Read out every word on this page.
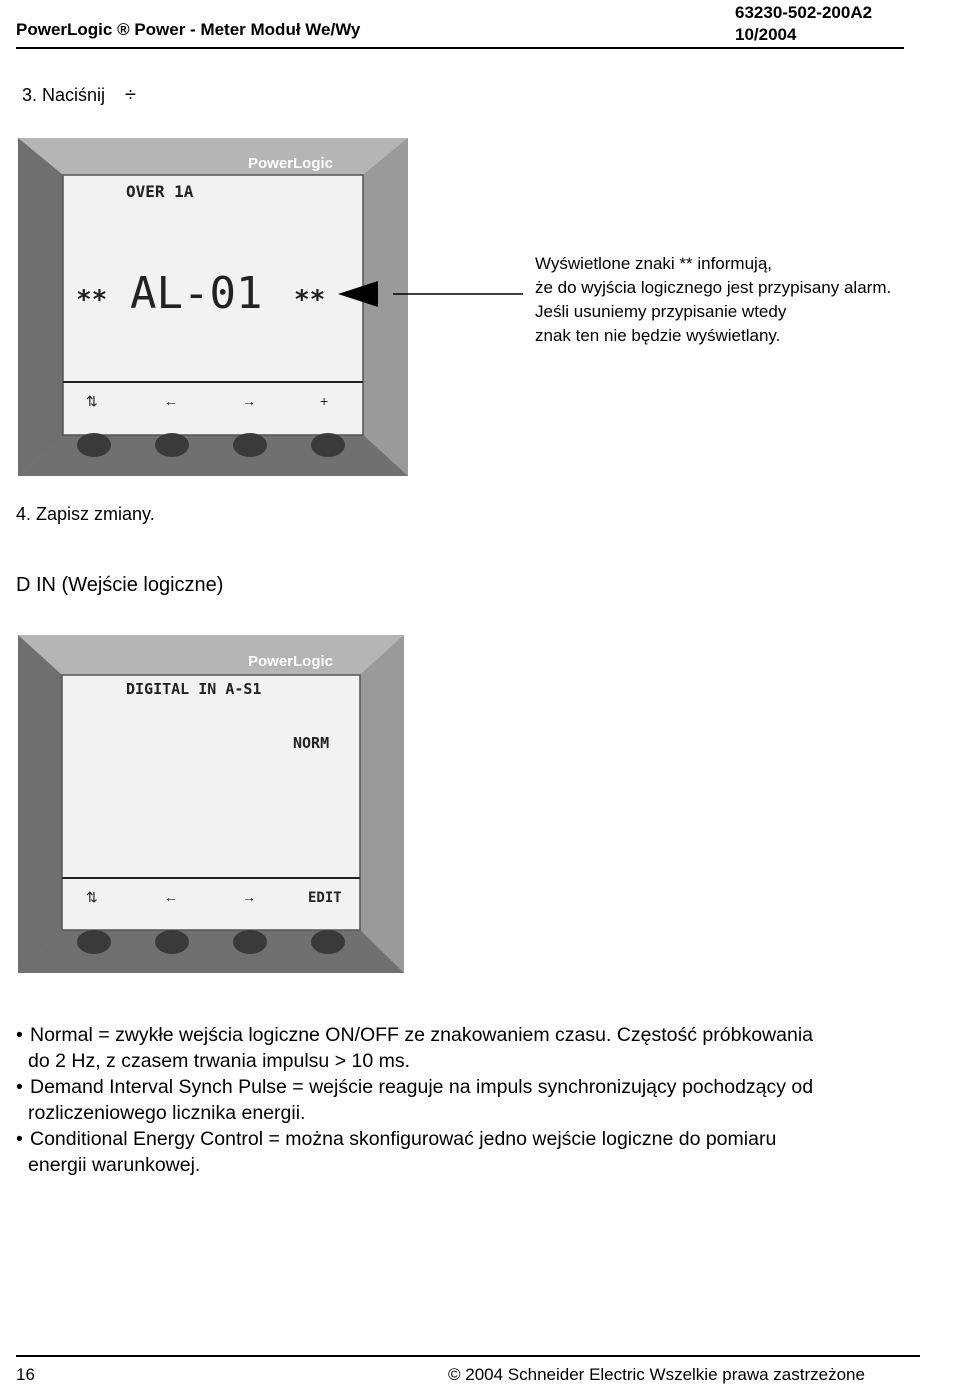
PowerLogic ® Power - Meter Moduł We/Wy
63230-502-200A2
10/2004
3. Naciśnij ÷
PowerLogic
OVER 1A
** AL-01 **
⇅	←	→	+
Wyświetlone znaki ** informują,
że do wyjścia logicznego jest przypisany alarm.
Jeśli usuniemy przypisanie wtedy
znak ten nie będzie wyświetlany.
4. Zapisz zmiany.
D IN (Wejście logiczne)
PowerLogic
DIGITAL IN A-S1
NORM
⇅	←	→	EDIT
• Normal = zwykłe wejścia logiczne ON/OFF ze znakowaniem czasu. Częstość próbkowania
do 2 Hz, z czasem trwania impulsu > 10 ms.
• Demand Interval Synch Pulse = wejście reaguje na impuls synchronizujący pochodzący od
rozliczeniowego licznika energii.
• Conditional Energy Control = można skonfigurować jedno wejście logiczne do pomiaru
energii warunkowej.
16	© 2004 Schneider Electric Wszelkie prawa zastrzeżone
